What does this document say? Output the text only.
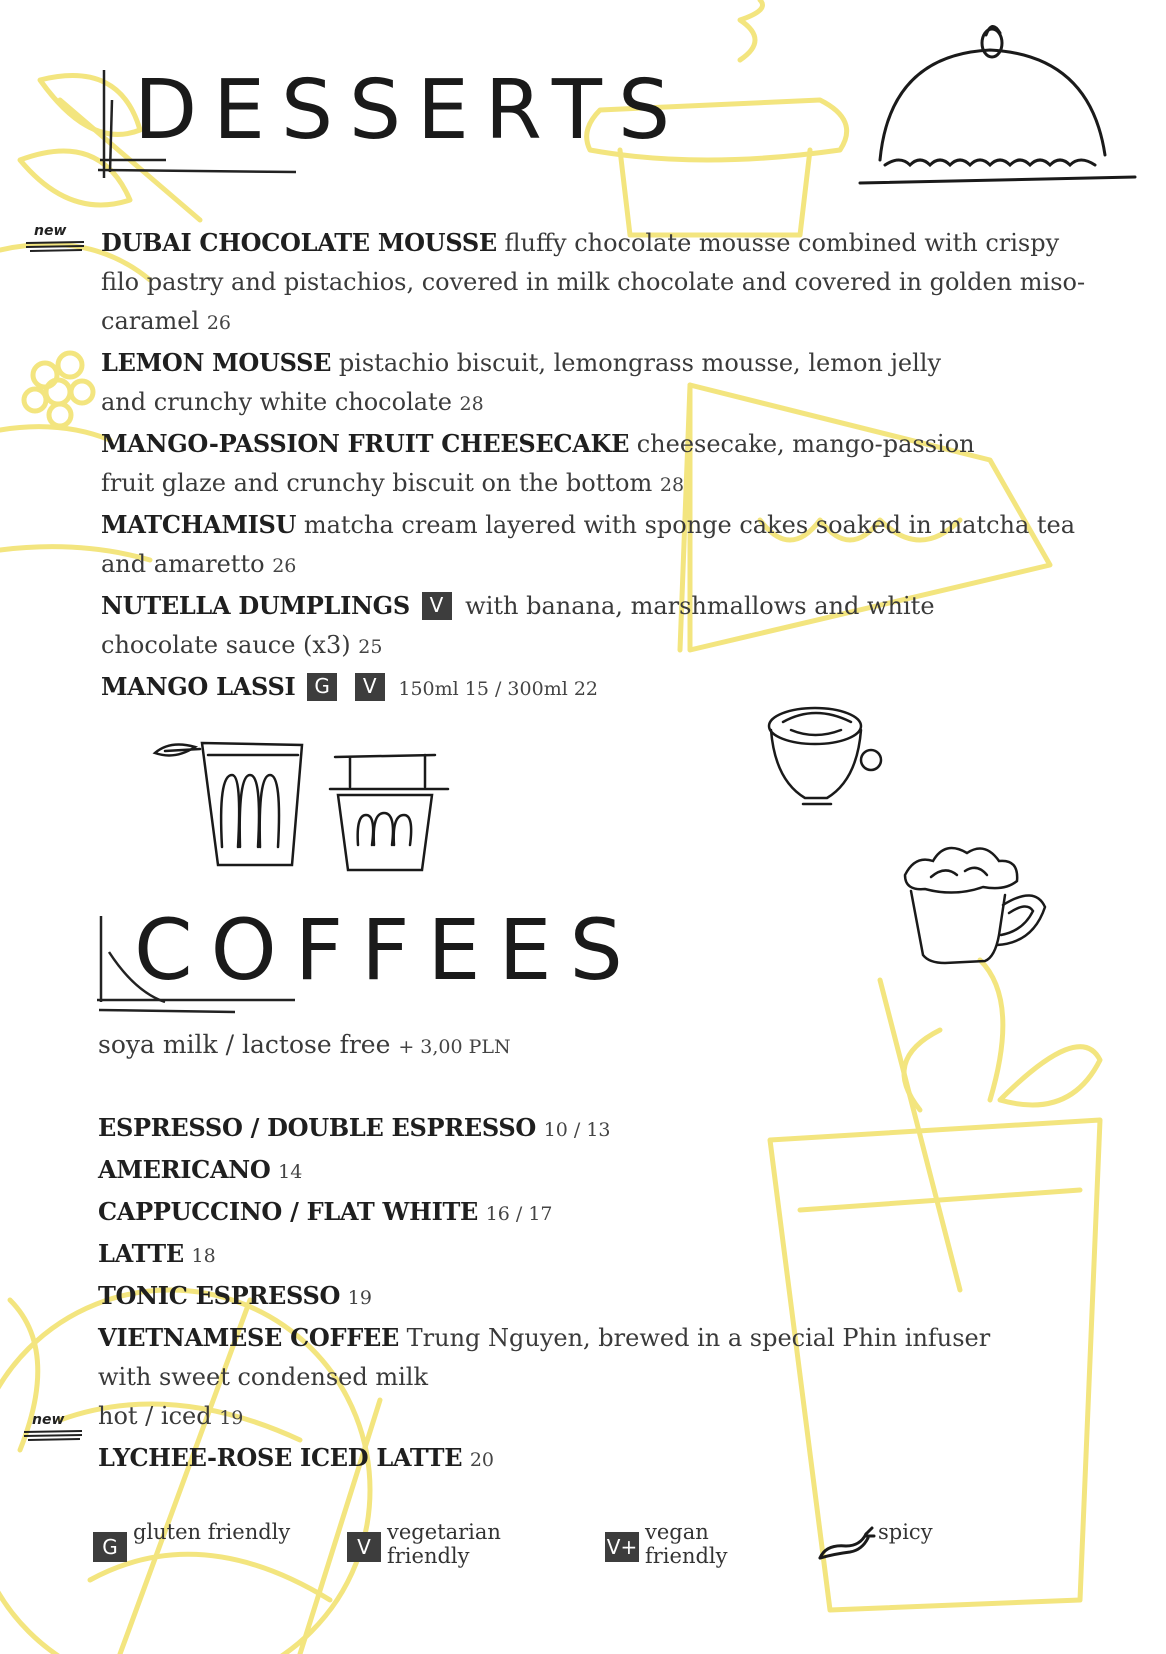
DESSERTS
new DUBAI CHOCOLATE MOUSSE fluffy chocolate mousse combined with crispy filo pastry and pistachios, covered in milk chocolate and covered in golden miso-caramel 26
LEMON MOUSSE pistachio biscuit, lemongrass mousse, lemon jelly and crunchy white chocolate 28
MANGO-PASSION FRUIT CHEESECAKE cheesecake, mango-passion fruit glaze and crunchy biscuit on the bottom 28
MATCHAMISU matcha cream layered with sponge cakes soaked in matcha tea and amaretto 26
NUTELLA DUMPLINGS V with banana, marshmallows and white chocolate sauce (x3) 25
MANGO LASSI G V 150ml 15 / 300ml 22
COFFEES
soya milk / lactose free + 3,00 PLN
ESPRESSO / DOUBLE ESPRESSO 10 / 13
AMERICANO 14
CAPPUCCINO / FLAT WHITE 16 / 17
LATTE 18
TONIC ESPRESSO 19
VIETNAMESE COFFEE Trung Nguyen, brewed in a special Phin infuser with sweet condensed milk
hot / iced 19
LYCHEE-ROSE ICED LATTE 20
new
G
gluten friendly
V
vegetarian friendly	V+
vegan friendly
spicy
